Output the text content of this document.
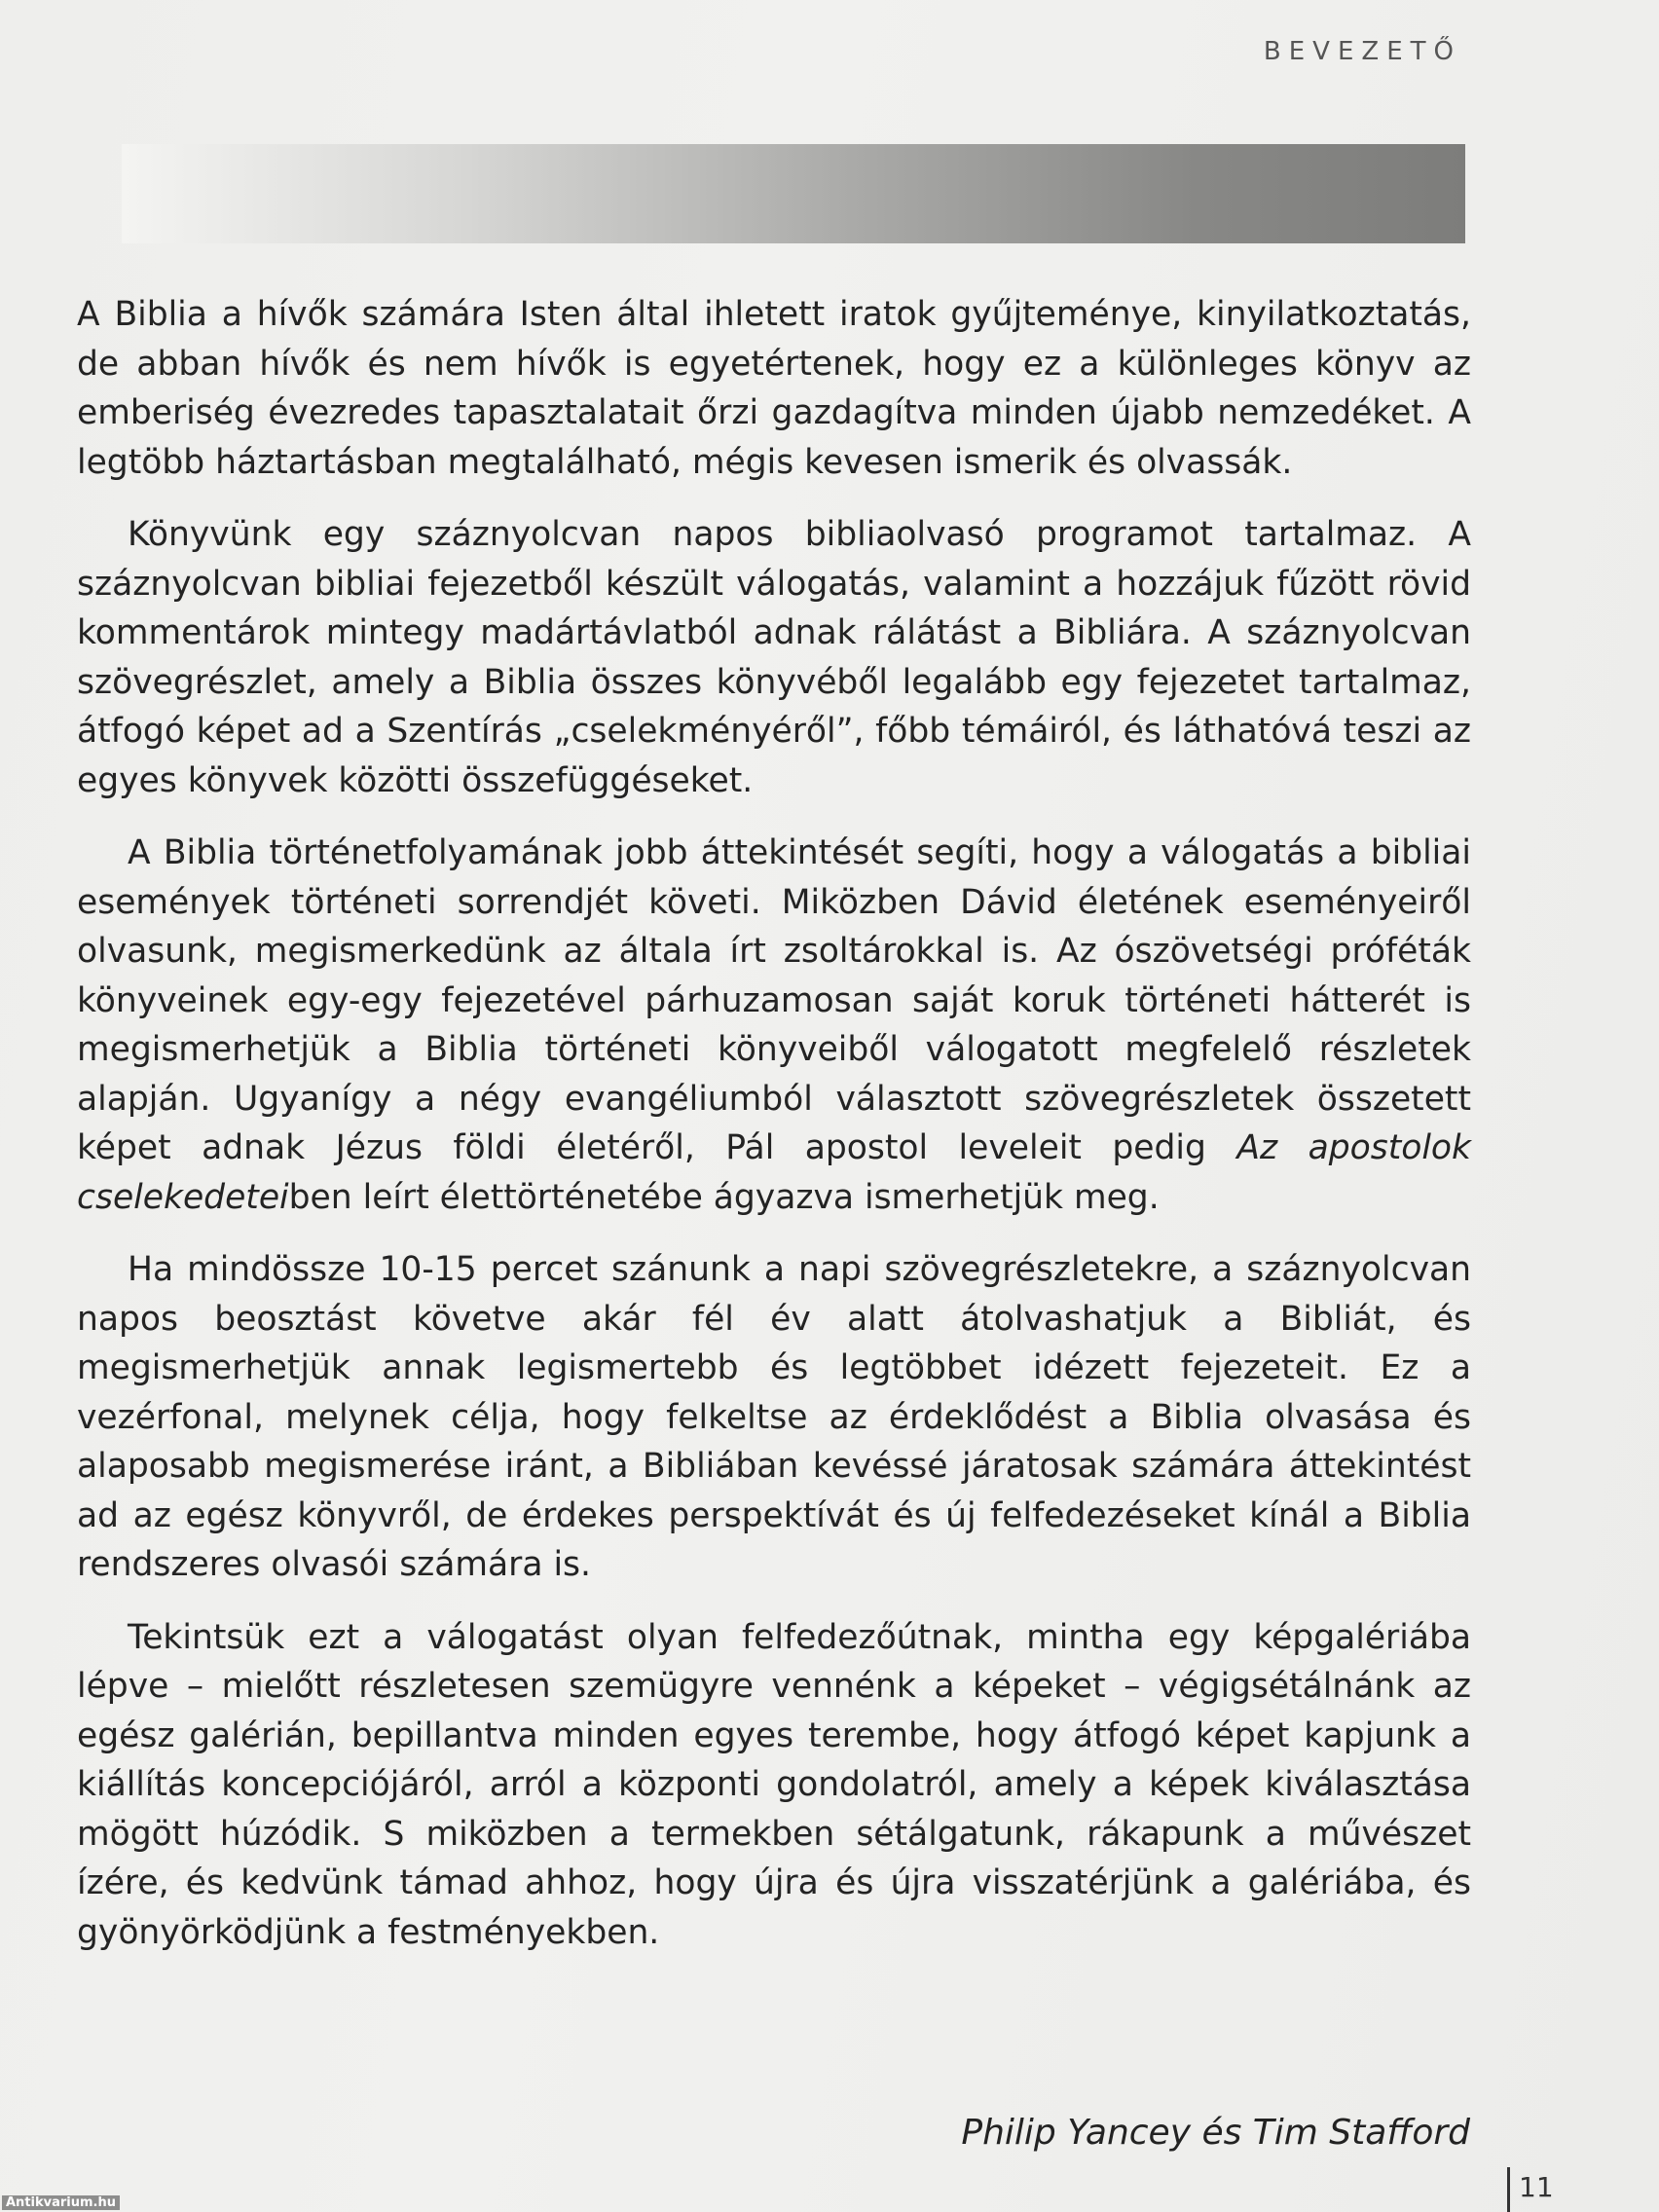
BEVEZETŐ

A Biblia a hívők számára Isten által ihletett iratok gyűjteménye, kinyilatkoztatás, de abban hívők és nem hívők is egyetértenek, hogy ez a különleges könyv az emberiség évezredes tapasztalatait őrzi gazdagítva minden újabb nemzedéket. A legtöbb háztartásban megtalálható, mégis kevesen ismerik és olvassák.

Könyvünk egy száznyolcvan napos bibliaolvasó programot tartalmaz. A száznyolcvan bibliai fejezetből készült válogatás, valamint a hozzájuk fűzött rövid kommentárok mintegy madártávlatból adnak rálátást a Bibliára. A száznyolcvan szövegrészlet, amely a Biblia összes könyvéből legalább egy fejezetet tartalmaz, átfogó képet ad a Szentírás „cselekményéről”, főbb témáiról, és láthatóvá teszi az egyes könyvek közötti összefüggéseket.

A Biblia történetfolyamának jobb áttekintését segíti, hogy a válogatás a bibliai események történeti sorrendjét követi. Miközben Dávid életének eseményeiről olvasunk, megismerkedünk az általa írt zsoltárokkal is. Az ószövetségi próféták könyveinek egy-egy fejezetével párhuzamosan saját koruk történeti hátterét is megismerhetjük a Biblia történeti könyveiből válogatott megfelelő részletek alapján. Ugyanígy a négy evangéliumból választott szövegrészletek összetett képet adnak Jézus földi életéről, Pál apostol leveleit pedig Az apostolok cselekedeteiben leírt élettörténetébe ágyazva ismerhetjük meg.

Ha mindössze 10-15 percet szánunk a napi szövegrészletekre, a száznyolcvan napos beosztást követve akár fél év alatt átolvashatjuk a Bibliát, és megismerhetjük annak legismertebb és legtöbbet idézett fejezeteit. Ez a vezérfonal, melynek célja, hogy felkeltse az érdeklődést a Biblia olvasása és alaposabb megismerése iránt, a Bibliában kevéssé járatosak számára áttekintést ad az egész könyvről, de érdekes perspektívát és új felfedezéseket kínál a Biblia rendszeres olvasói számára is.

Tekintsük ezt a válogatást olyan felfedezőútnak, mintha egy képgalériába lépve – mielőtt részletesen szemügyre vennénk a képeket – végigsétálnánk az egész galérián, bepillantva minden egyes terembe, hogy átfogó képet kapjunk a kiállítás koncepciójáról, arról a központi gondolatról, amely a képek kiválasztása mögött húzódik. S miközben a termekben sétálgatunk, rákapunk a művészet ízére, és kedvünk támad ahhoz, hogy újra és újra visszatérjünk a galériába, és gyönyörködjünk a festményekben.

Philip Yancey és Tim Stafford
11
Antikvarium.hu
